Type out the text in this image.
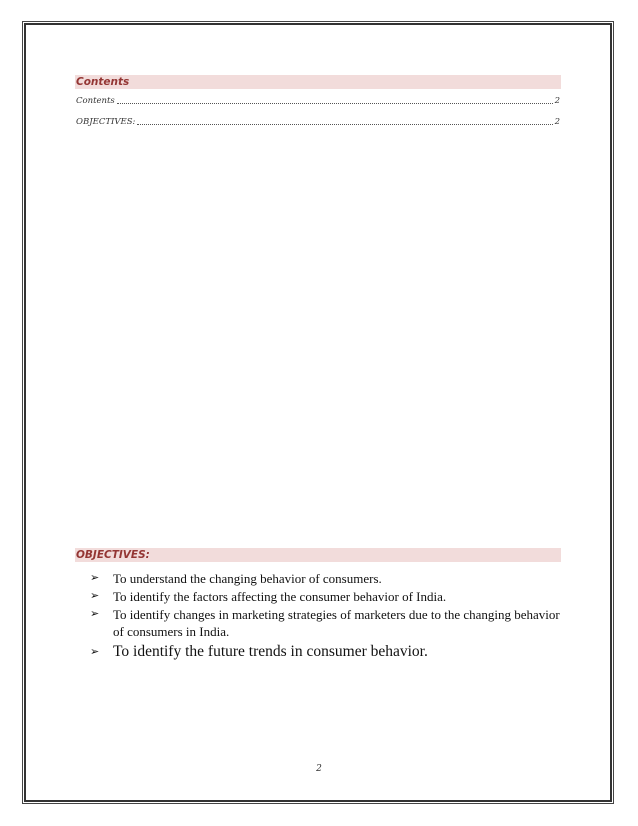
Contents
Contents	2
OBJECTIVES:	2
OBJECTIVES:
➢	To understand the changing behavior of consumers.
➢	To identify the factors affecting the consumer behavior of India.
➢	To identify changes in marketing strategies of marketers due to the changing behavior of consumers in India.
➢ To identify the future trends in consumer behavior.
2
